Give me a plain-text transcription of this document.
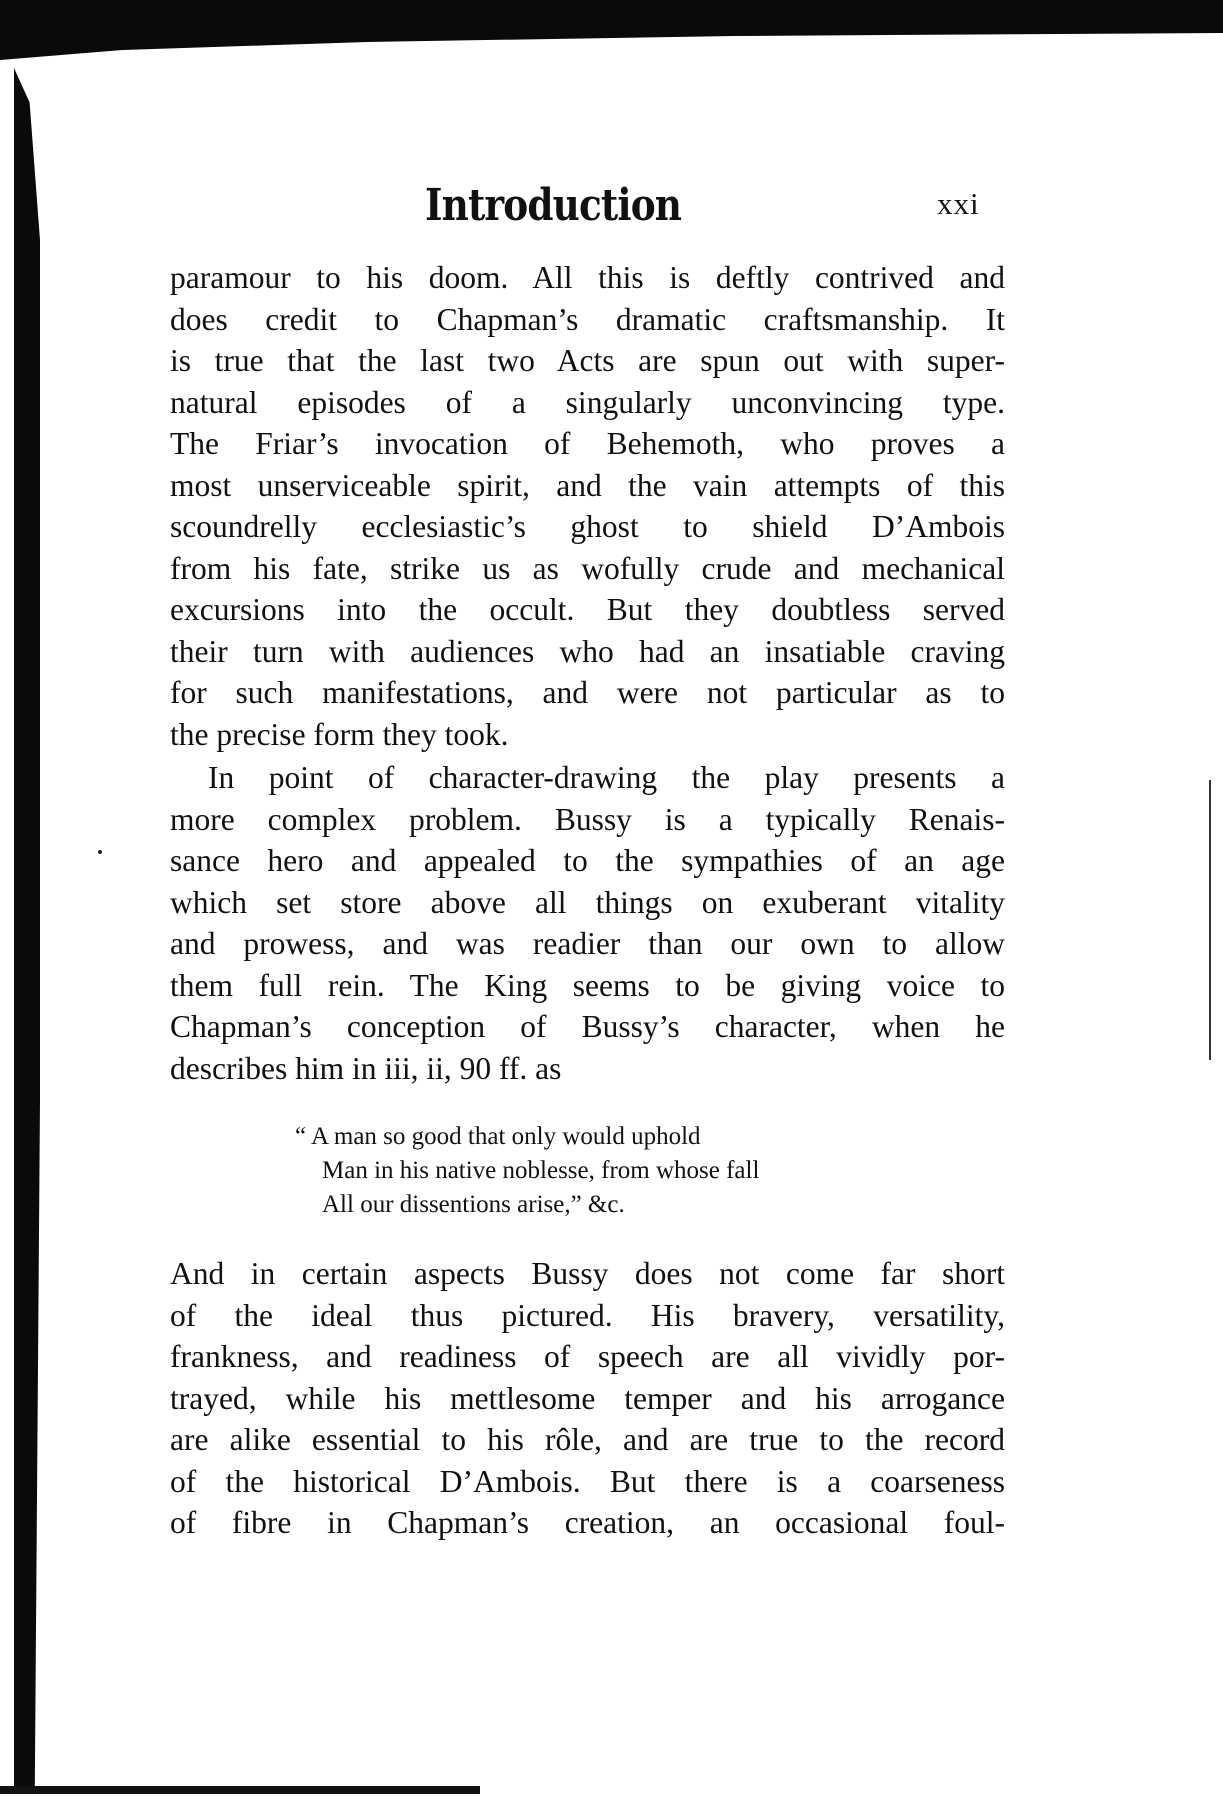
Introduction	xxi
paramour to his doom. All this is deftly contrived and
does credit to Chapman’s dramatic craftsmanship. It
is true that the last two Acts are spun out with super-
natural episodes of a singularly unconvincing type.
The Friar’s invocation of Behemoth, who proves a
most unserviceable spirit, and the vain attempts of this
scoundrelly ecclesiastic’s ghost to shield D’Ambois
from his fate, strike us as wofully crude and mechanical
excursions into the occult. But they doubtless served
their turn with audiences who had an insatiable craving
for such manifestations, and were not particular as to
the precise form they took.
In point of character-drawing the play presents a
more complex problem. Bussy is a typically Renais-
sance hero and appealed to the sympathies of an age
which set store above all things on exuberant vitality
and prowess, and was readier than our own to allow
them full rein. The King seems to be giving voice to
Chapman’s conception of Bussy’s character, when he
describes him in iii, ii, 90 ff. as
“ A man so good that only would uphold
Man in his native noblesse, from whose fall
All our dissentions arise,” &c.
And in certain aspects Bussy does not come far short
of the ideal thus pictured. His bravery, versatility,
frankness, and readiness of speech are all vividly por-
trayed, while his mettlesome temper and his arrogance
are alike essential to his rôle, and are true to the record
of the historical D’Ambois. But there is a coarseness
of fibre in Chapman’s creation, an occasional foul-
